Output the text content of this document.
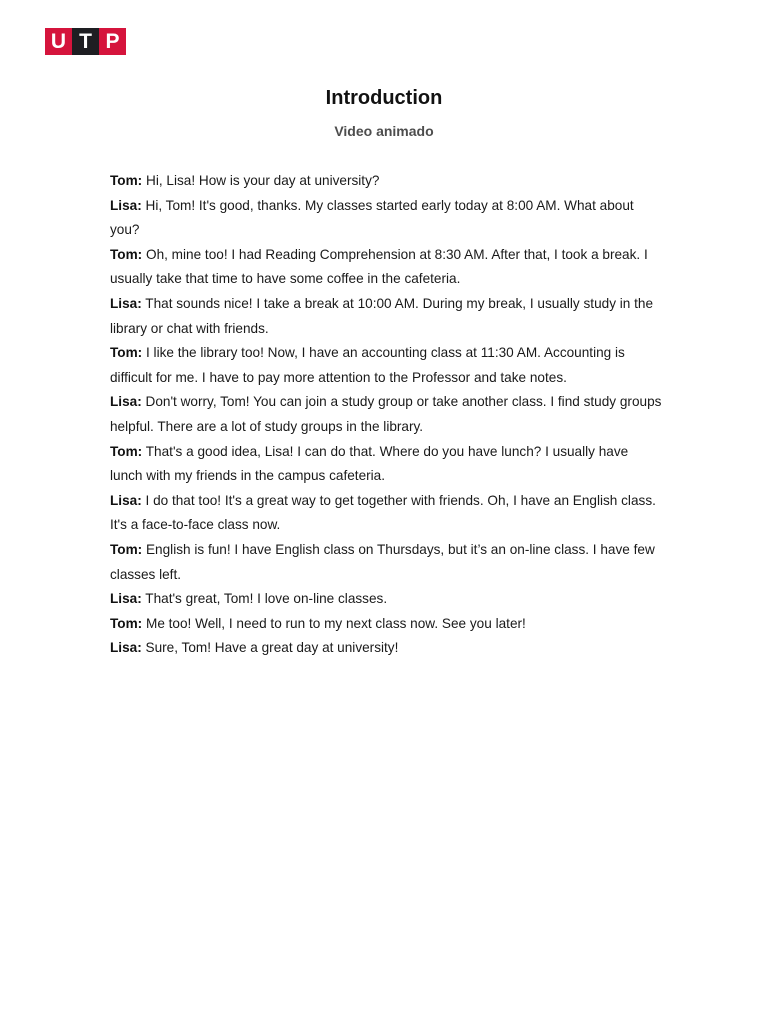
U T P
Introduction
Video animado

Tom: Hi, Lisa! How is your day at university?

Lisa: Hi, Tom! It's good, thanks. My classes started early today at 8:00 AM. What about you?

Tom: Oh, mine too! I had Reading Comprehension at 8:30 AM. After that, I took a break. I usually take that time to have some coffee in the cafeteria.

Lisa: That sounds nice! I take a break at 10:00 AM. During my break, I usually study in the library or chat with friends.

Tom: I like the library too! Now, I have an accounting class at 11:30 AM. Accounting is difficult for me. I have to pay more attention to the Professor and take notes.

Lisa: Don't worry, Tom! You can join a study group or take another class. I find study groups helpful. There are a lot of study groups in the library.

Tom: That's a good idea, Lisa! I can do that. Where do you have lunch? I usually have lunch with my friends in the campus cafeteria.

Lisa: I do that too! It's a great way to get together with friends. Oh, I have an English class. It's a face-to-face class now.

Tom: English is fun! I have English class on Thursdays, but it’s an on-line class. I have few classes left.

Lisa: That's great, Tom! I love on-line classes.

Tom: Me too! Well, I need to run to my next class now. See you later!

Lisa: Sure, Tom! Have a great day at university!
